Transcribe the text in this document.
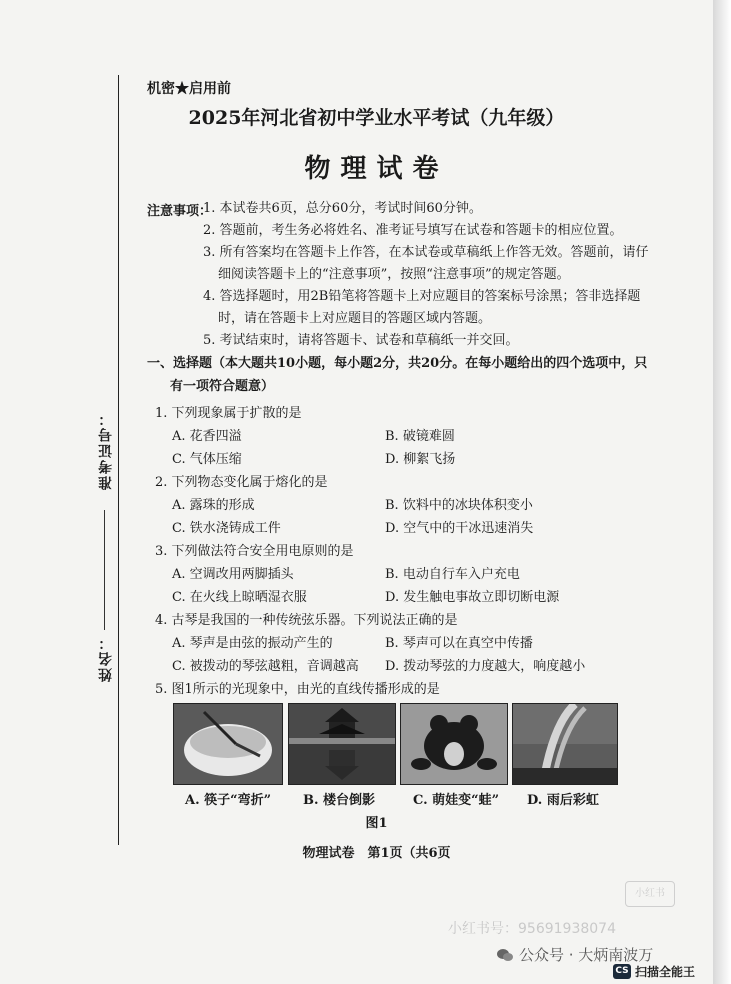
准考证号：
姓名：
机密★启用前
2025年河北省初中学业水平考试（九年级）
物理试卷
注意事项：
1. 本试卷共6页，总分60分，考试时间60分钟。
2. 答题前，考生务必将姓名、准考证号填写在试卷和答题卡的相应位置。
3. 所有答案均在答题卡上作答，在本试卷或草稿纸上作答无效。答题前，请仔
细阅读答题卡上的“注意事项”，按照“注意事项”的规定答题。
4. 答选择题时，用2B铅笔将答题卡上对应题目的答案标号涂黑；答非选择题
时，请在答题卡上对应题目的答题区域内答题。
5. 考试结束时，请将答题卡、试卷和草稿纸一并交回。
一、选择题（本大题共10小题，每小题2分，共20分。在每小题给出的四个选项中，只
有一项符合题意）
1. 下列现象属于扩散的是
A. 花香四溢	B. 破镜难圆
C. 气体压缩	D. 柳絮飞扬
2. 下列物态变化属于熔化的是
A. 露珠的形成	B. 饮料中的冰块体积变小
C. 铁水浇铸成工件	D. 空气中的干冰迅速消失
3. 下列做法符合安全用电原则的是
A. 空调改用两脚插头	B. 电动自行车入户充电
C. 在火线上晾晒湿衣服	D. 发生触电事故立即切断电源
4. 古琴是我国的一种传统弦乐器。下列说法正确的是
A. 琴声是由弦的振动产生的	B. 琴声可以在真空中传播
C. 被拨动的琴弦越粗，音调越高 D. 拨动琴弦的力度越大，响度越小
5. 图1所示的光现象中，由光的直线传播形成的是
A. 筷子“弯折” B. 楼台倒影	C. 萌娃变“蛙” D. 雨后彩虹
图1
物理试卷　第1页（共6页
小红书
小红书号：95691938074
公众号 · 大炳南波万
CS 扫描全能王
